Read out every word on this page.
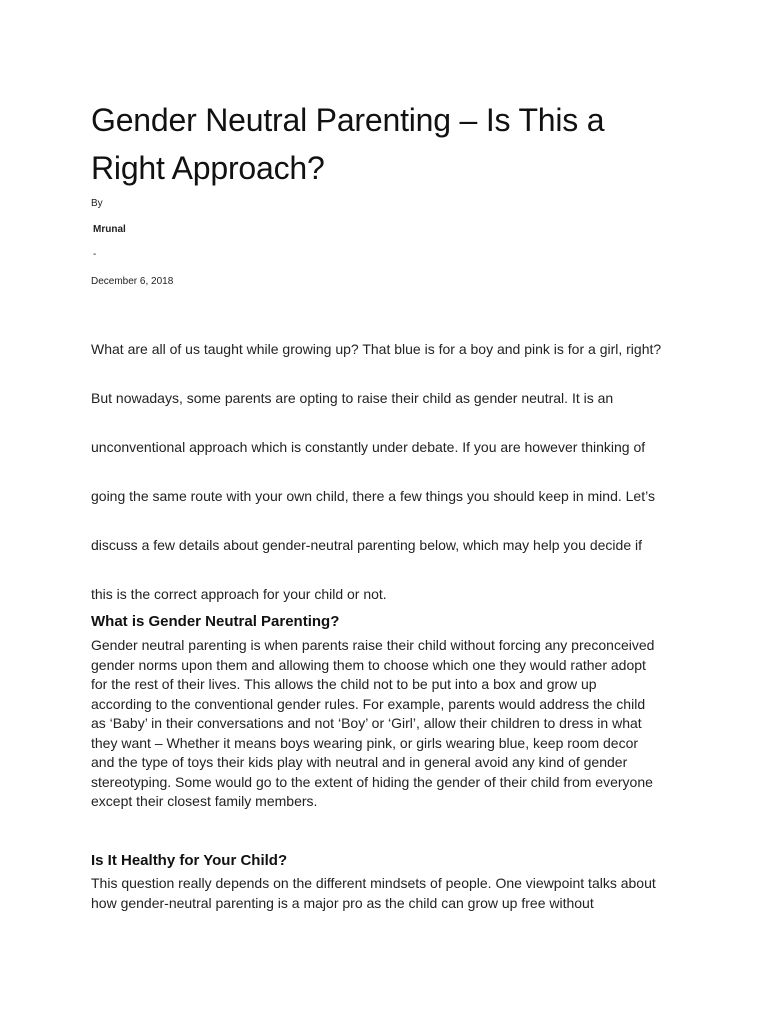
Gender Neutral Parenting – Is This a
Right Approach?
By
Mrunal
-
December 6, 2018
What are all of us taught while growing up? That blue is for a boy and pink is for a girl, right?
But nowadays, some parents are opting to raise their child as gender neutral. It is an
unconventional approach which is constantly under debate. If you are however thinking of
going the same route with your own child, there a few things you should keep in mind. Let’s
discuss a few details about gender-neutral parenting below, which may help you decide if
this is the correct approach for your child or not.
What is Gender Neutral Parenting?
Gender neutral parenting is when parents raise their child without forcing any preconceived
gender norms upon them and allowing them to choose which one they would rather adopt
for the rest of their lives. This allows the child not to be put into a box and grow up
according to the conventional gender rules. For example, parents would address the child
as ‘Baby’ in their conversations and not ‘Boy’ or ‘Girl’, allow their children to dress in what
they want – Whether it means boys wearing pink, or girls wearing blue, keep room decor
and the type of toys their kids play with neutral and in general avoid any kind of gender
stereotyping. Some would go to the extent of hiding the gender of their child from everyone
except their closest family members.
Is It Healthy for Your Child?
This question really depends on the different mindsets of people. One viewpoint talks about
how gender-neutral parenting is a major pro as the child can grow up free without
